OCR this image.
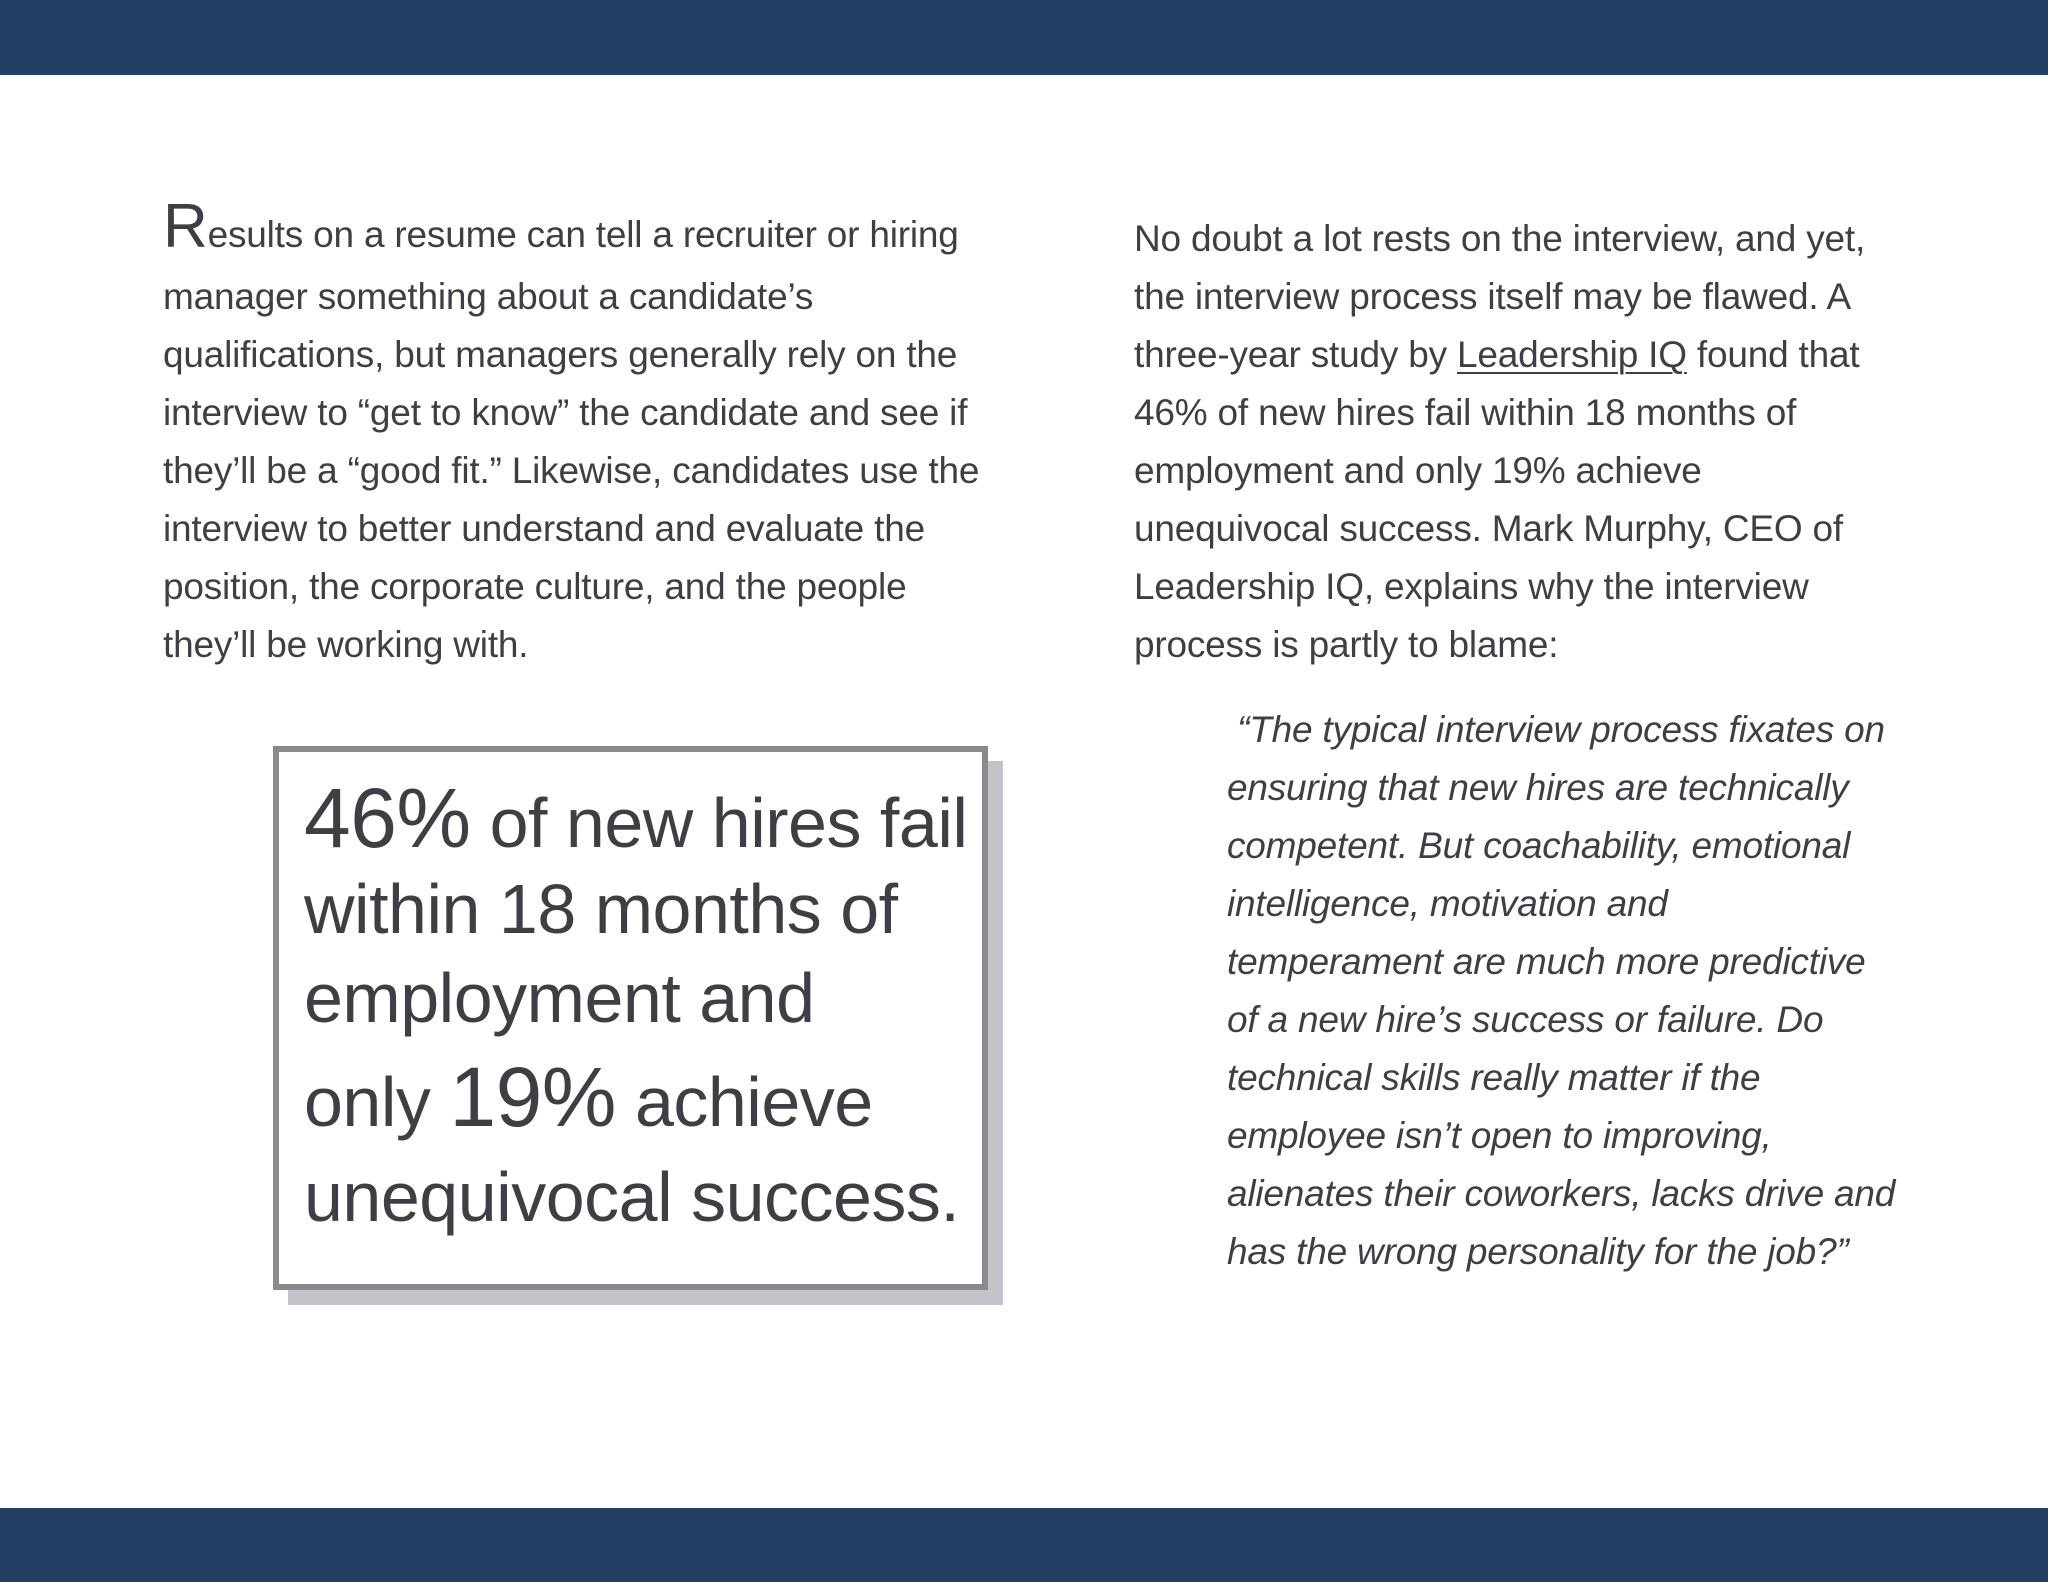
Results on a resume can tell a recruiter or hiring

manager something about a candidate’s

qualifications, but managers generally rely on the

interview to “get to know” the candidate and see if

they’ll be a “good fit.” Likewise, candidates use the

interview to better understand and evaluate the

position, the corporate culture, and the people

they’ll be working with.

46% of new hires fail
within 18 months of
employment and
only 19% achieve
unequivocal success.

No doubt a lot rests on the interview, and yet,

the interview process itself may be flawed. A

three-year study by Leadership IQ found that

46% of new hires fail within 18 months of

employment and only 19% achieve

unequivocal success. Mark Murphy, CEO of

Leadership IQ, explains why the interview

process is partly to blame:

“The typical interview process fixates on

ensuring that new hires are technically

competent. But coachability, emotional

intelligence, motivation and

temperament are much more predictive

of a new hire’s success or failure. Do

technical skills really matter if the

employee isn’t open to improving,

alienates their coworkers, lacks drive and

has the wrong personality for the job?”
